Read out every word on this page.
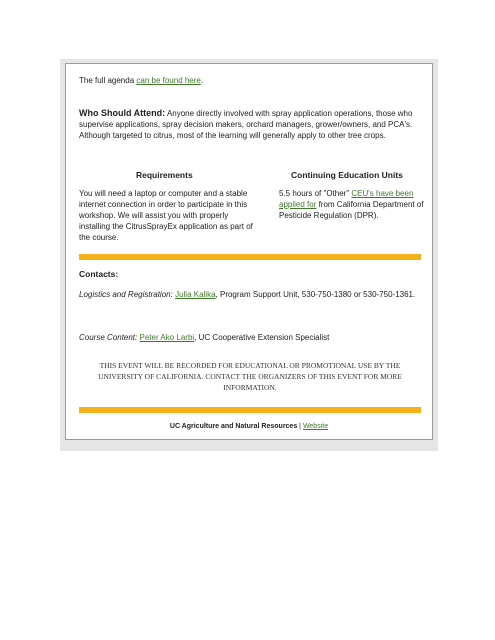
The full agenda can be found here.

Who Should Attend: Anyone directly involved with spray application operations, those who supervise applications, spray decision makers, orchard managers, grower/owners, and PCA's. Although targeted to citrus, most of the learning will generally apply to other tree crops.

Requirements	Continuing Education Units

You will need a laptop or computer and a stable internet connection in order to participate in this workshop. We will assist you with properly installing the CitrusSprayEx application as part of the course.

5.5 hours of "Other" CEU's have been applied for from California Department of Pesticide Regulation (DPR).

Contacts:

Logistics and Registration: Julia Kalika, Program Support Unit, 530-750-1380 or 530-750-1361.

Course Content: Peter Ako Larbi, UC Cooperative Extension Specialist

THIS EVENT WILL BE RECORDED FOR EDUCATIONAL OR PROMOTIONAL USE BY THE UNIVERSITY OF CALIFORNIA. CONTACT THE ORGANIZERS OF THIS EVENT FOR MORE INFORMATION.

UC Agriculture and Natural Resources | Website
